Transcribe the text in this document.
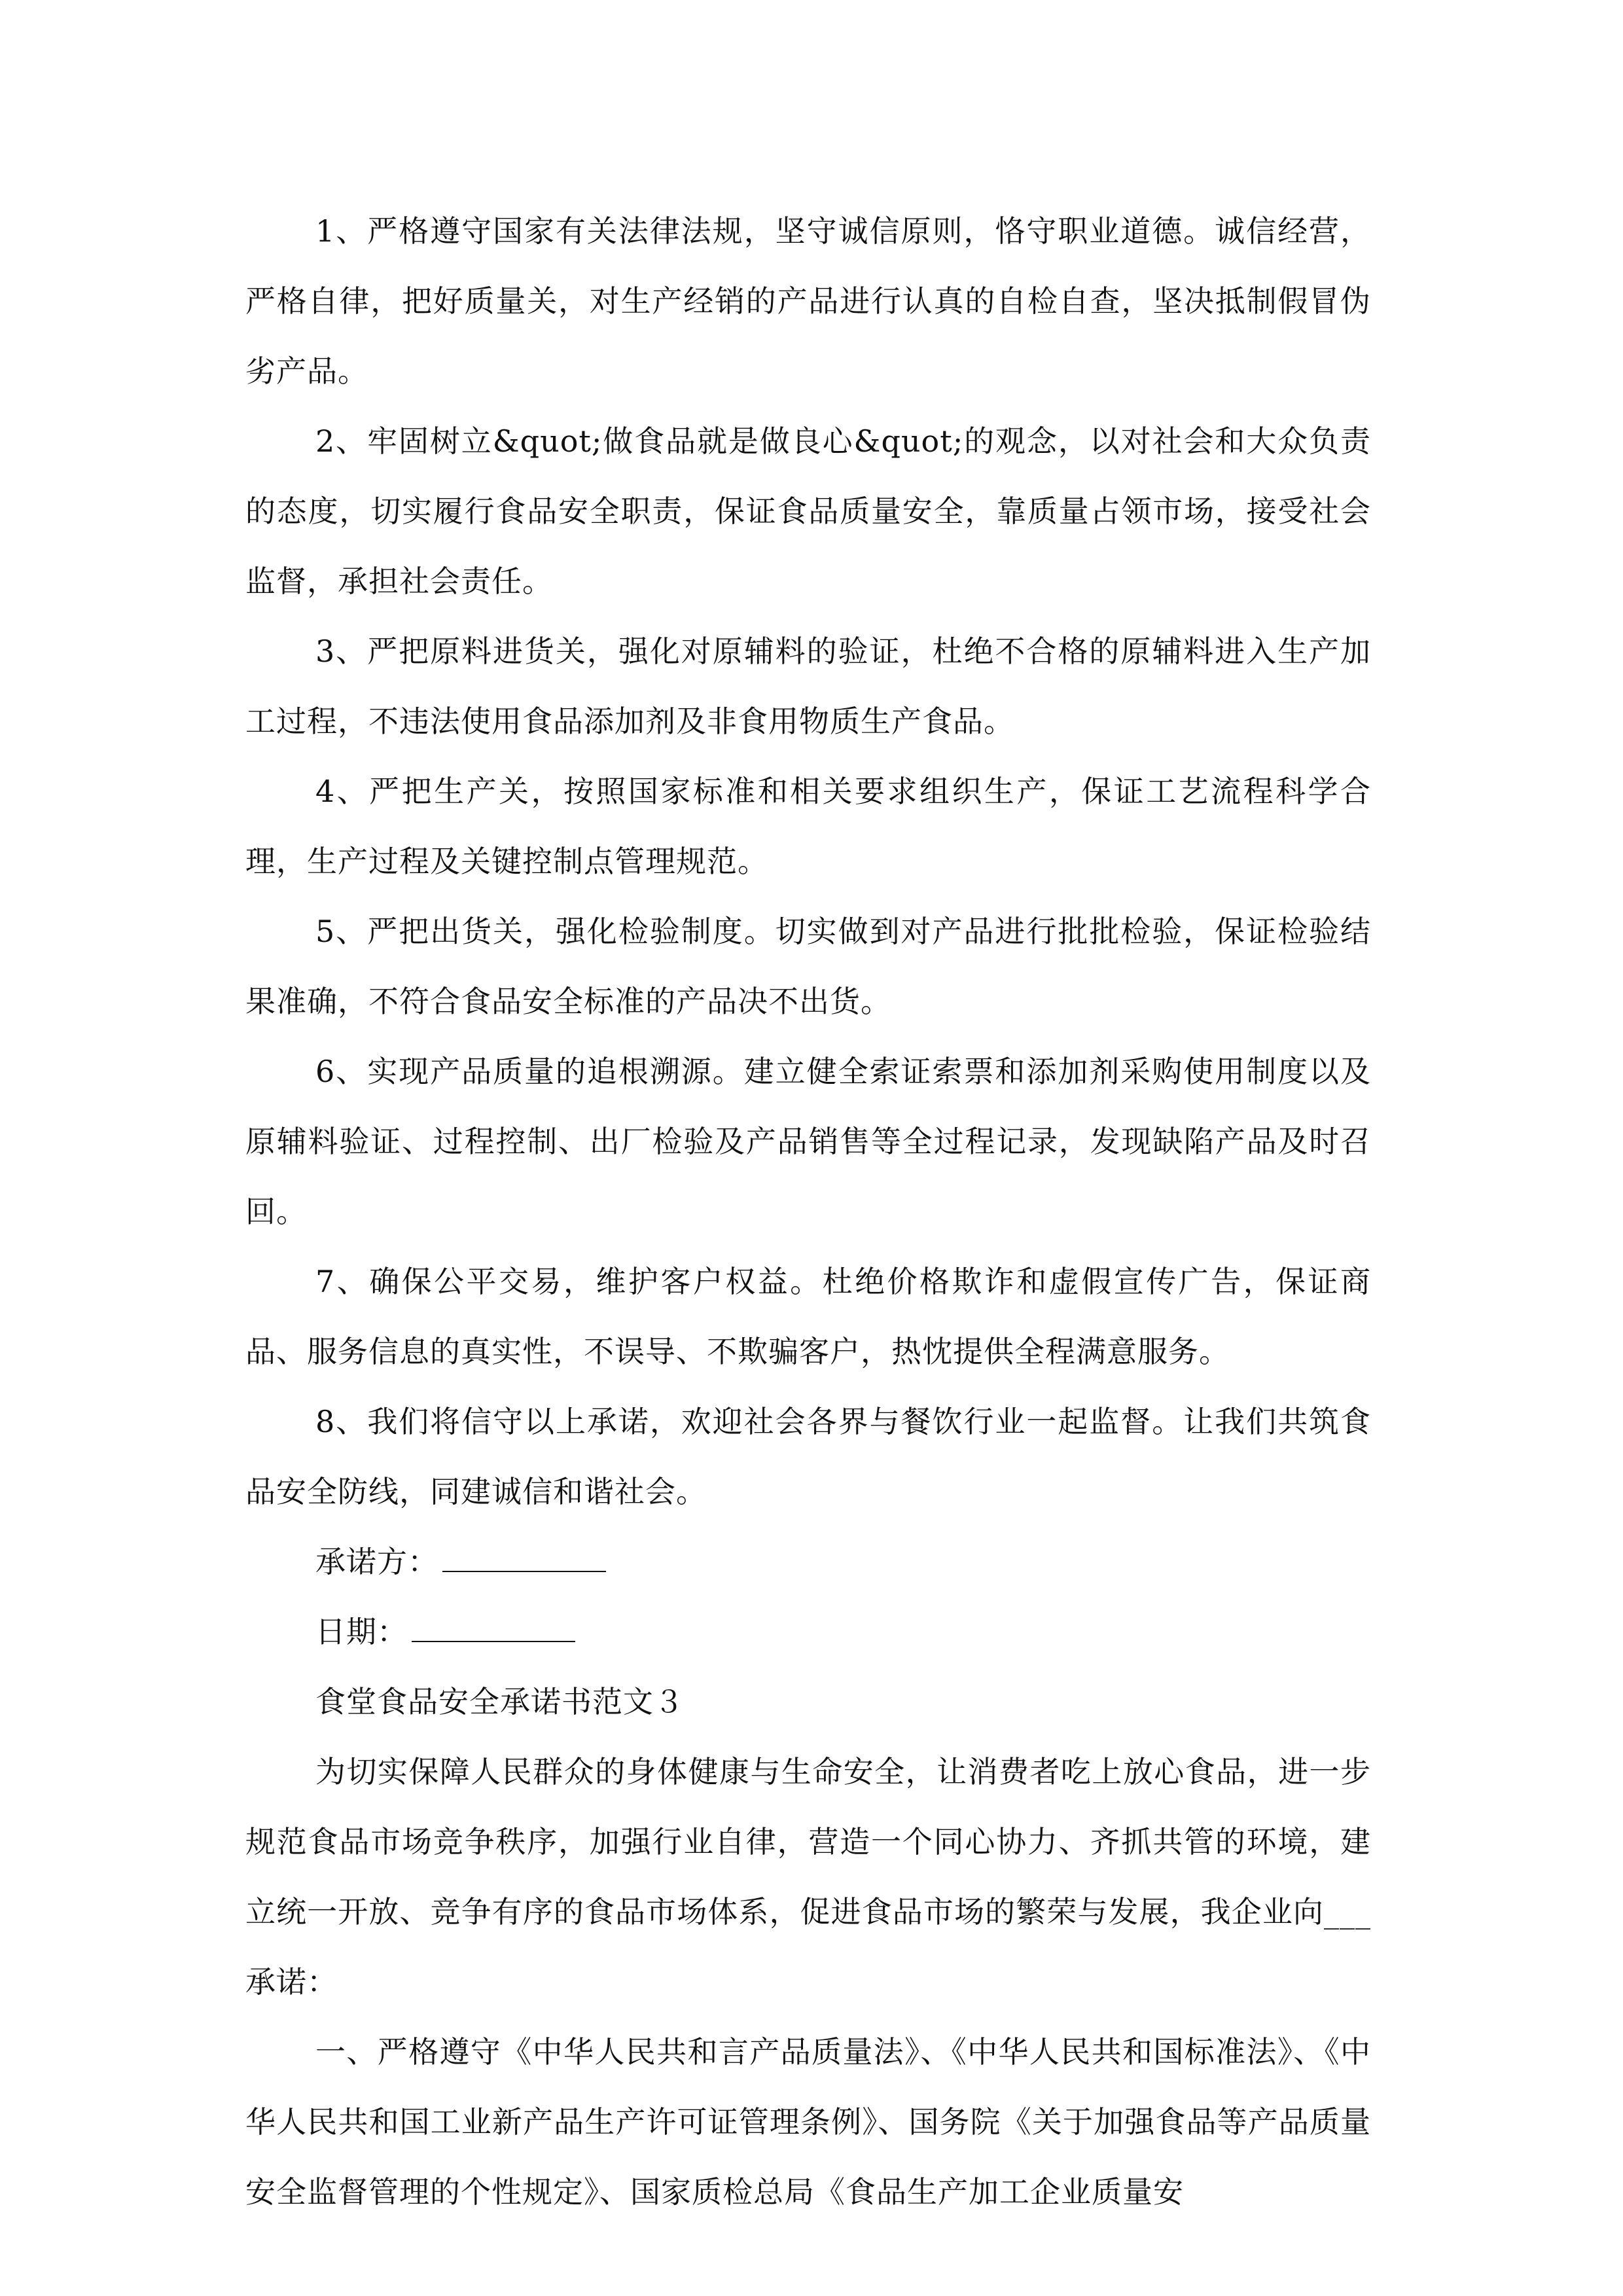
1、严格遵守国家有关法律法规，坚守诚信原则，恪守职业道德。诚信经营，严格自律，把好质量关，对生产经销的产品进行认真的自检自查，坚决抵制假冒伪劣产品。

2、牢固树立&quot;做食品就是做良心&quot;的观念，以对社会和大众负责的态度，切实履行食品安全职责，保证食品质量安全，靠质量占领市场，接受社会监督，承担社会责任。

3、严把原料进货关，强化对原辅料的验证，杜绝不合格的原辅料进入生产加工过程，不违法使用食品添加剂及非食用物质生产食品。

4、严把生产关，按照国家标准和相关要求组织生产，保证工艺流程科学合理，生产过程及关键控制点管理规范。

5、严把出货关，强化检验制度。切实做到对产品进行批批检验，保证检验结果准确，不符合食品安全标准的产品决不出货。

6、实现产品质量的追根溯源。建立健全索证索票和添加剂采购使用制度以及原辅料验证、过程控制、出厂检验及产品销售等全过程记录，发现缺陷产品及时召回。

7、确保公平交易，维护客户权益。杜绝价格欺诈和虚假宣传广告，保证商品、服务信息的真实性，不误导、不欺骗客户，热忱提供全程满意服务。

8、我们将信守以上承诺，欢迎社会各界与餐饮行业一起监督。让我们共筑食品安全防线，同建诚信和谐社会。

承诺方：

日期：

食堂食品安全承诺书范文３

为切实保障人民群众的身体健康与生命安全，让消费者吃上放心食品，进一步规范食品市场竞争秩序，加强行业自律，营造一个同心协力、齐抓共管的环境，建立统一开放、竞争有序的食品市场体系，促进食品市场的繁荣与发展，我企业向___承诺：

一、严格遵守《中华人民共和言产品质量法》、《中华人民共和国标准法》、《中华人民共和国工业新产品生产许可证管理条例》、国务院《关于加强食品等产品质量安全监督管理的个性规定》、国家质检总局《食品生产加工企业质量安
